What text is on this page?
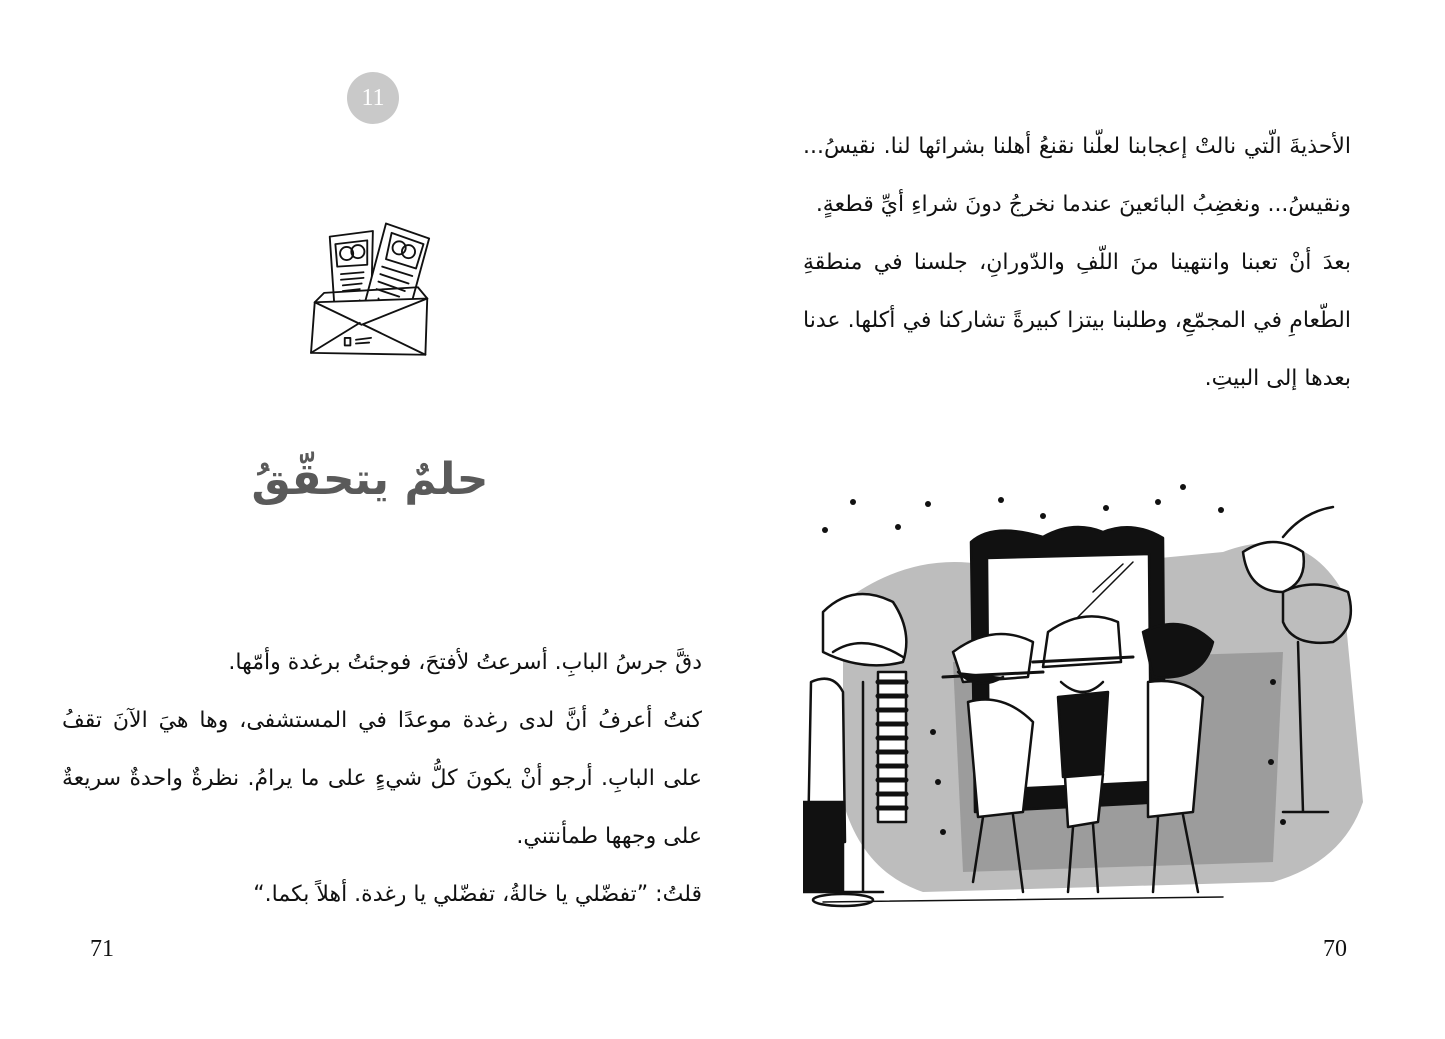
11
حلمٌ يتحقّقُ

دقَّ جرسُ البابِ. أسرعتُ لأفتحَ، فوجئتُ برغدة وأمّها.

كنتُ أعرفُ أنَّ لدى رغدة موعدًا في المستشفى، وها هيَ الآنَ تقفُ على البابِ. أرجو أنْ يكونَ كلُّ شيءٍ على ما يرامُ. نظرةٌ واحدةٌ سريعةٌ على وجهها طمأنتني.

قلتُ: ”تفضّلي يا خالةُ، تفضّلي يا رغدة. أهلاً بكما.“

71

الأحذيةَ الّتي نالتْ إعجابنا لعلّنا نقنعُ أهلنا بشرائها لنا. نقيسُ... ونقيسُ... ونغضِبُ البائعينَ عندما نخرجُ دونَ شراءِ أيِّ قطعةٍ.

بعدَ أنْ تعبنا وانتهينا منَ اللّفِ والدّورانِ، جلسنا في منطقةِ الطّعامِ في المجمّعِ، وطلبنا بيتزا كبيرةً تشاركنا في أكلها. عدنا بعدها إلى البيتِ.

70
